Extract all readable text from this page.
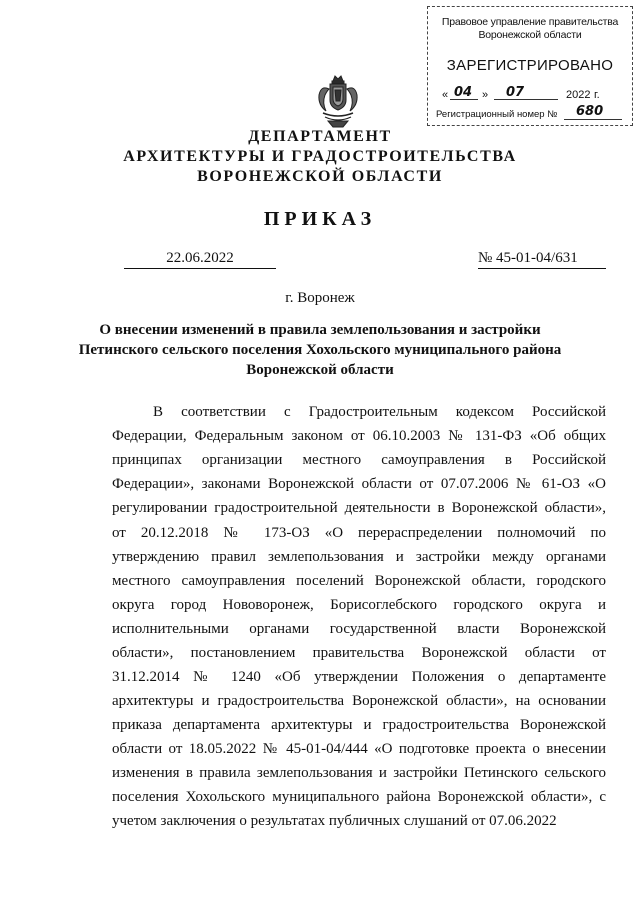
Правовое управление правительства
Воронежской области
ЗАРЕГИСТРИРОВАНО
« 04 » 07	2022 г.
Регистрационный номер № 680
ДЕПАРТАМЕНТ
АРХИТЕКТУРЫ И ГРАДОСТРОИТЕЛЬСТВА
ВОРОНЕЖСКОЙ ОБЛАСТИ
ПРИКАЗ
22.06.2022	№ 45-01-04/631
г. Воронеж
О внесении изменений в правила землепользования и застройки
Петинского сельского поселения Хохольского муниципального района
Воронежской области
В соответствии с Градостроительным кодексом Российской
Федерации, Федеральным законом от 06.10.2003 № 131-ФЗ «Об общих
принципах организации местного самоуправления в Российской
Федерации», законами Воронежской области от 07.07.2006 № 61-ОЗ «О
регулировании градостроительной деятельности в Воронежской области»,
от 20.12.2018 № 173-ОЗ «О перераспределении полномочий по
утверждению правил землепользования и застройки между органами
местного самоуправления поселений Воронежской области, городского
округа город Нововоронеж, Борисоглебского городского округа и
исполнительными органами государственной власти Воронежской
области», постановлением правительства Воронежской области от
31.12.2014 № 1240 «Об утверждении Положения о департаменте
архитектуры и градостроительства Воронежской области», на основании
приказа департамента архитектуры и градостроительства Воронежской
области от 18.05.2022 № 45-01-04/444 «О подготовке проекта о внесении
изменения в правила землепользования и застройки Петинского сельского
поселения Хохольского муниципального района Воронежской области», с
учетом заключения о результатах публичных слушаний от 07.06.2022
